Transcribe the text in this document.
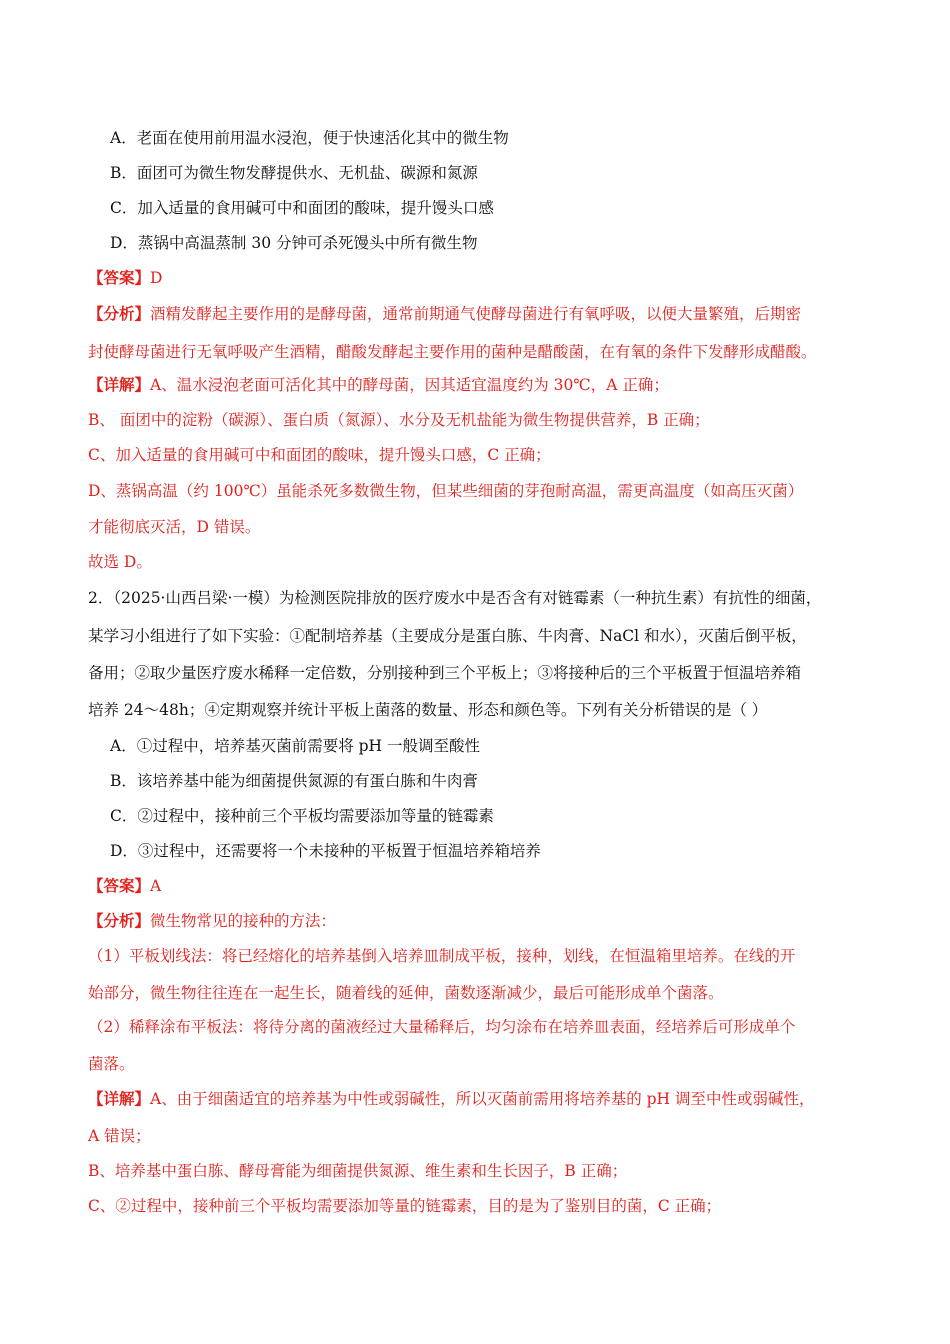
A．老面在使用前用温水浸泡，便于快速活化其中的微生物
B．面团可为微生物发酵提供水、无机盐、碳源和氮源
C．加入适量的食用碱可中和面团的酸味，提升馒头口感
D．蒸锅中高温蒸制 30 分钟可杀死馒头中所有微生物
【答案】D
【分析】酒精发酵起主要作用的是酵母菌，通常前期通气使酵母菌进行有氧呼吸，以便大量繁殖，后期密
封使酵母菌进行无氧呼吸产生酒精，醋酸发酵起主要作用的菌种是醋酸菌，在有氧的条件下发酵形成醋酸。
【详解】A、温水浸泡老面可活化其中的酵母菌，因其适宜温度约为 30℃，A 正确；
B、 面团中的淀粉（碳源）、蛋白质（氮源）、水分及无机盐能为微生物提供营养，B 正确；
C、加入适量的食用碱可中和面团的酸味，提升馒头口感，C 正确；
D、蒸锅高温（约 100℃）虽能杀死多数微生物，但某些细菌的芽孢耐高温，需更高温度（如高压灭菌）
才能彻底灭活，D 错误。
故选 D。
2．（2025·山西吕梁·一模）为检测医院排放的医疗废水中是否含有对链霉素（一种抗生素）有抗性的细菌，
某学习小组进行了如下实验：①配制培养基（主要成分是蛋白胨、牛肉膏、NaCl 和水），灭菌后倒平板，
备用；②取少量医疗废水稀释一定倍数，分别接种到三个平板上；③将接种后的三个平板置于恒温培养箱
培养 24～48h；④定期观察并统计平板上菌落的数量、形态和颜色等。下列有关分析错误的是（ ）
A．①过程中，培养基灭菌前需要将 pH 一般调至酸性
B．该培养基中能为细菌提供氮源的有蛋白胨和牛肉膏
C．②过程中，接种前三个平板均需要添加等量的链霉素
D．③过程中，还需要将一个未接种的平板置于恒温培养箱培养
【答案】A
【分析】微生物常见的接种的方法：
（1）平板划线法：将已经熔化的培养基倒入培养皿制成平板，接种，划线，在恒温箱里培养。在线的开
始部分，微生物往往连在一起生长，随着线的延伸，菌数逐渐减少，最后可能形成单个菌落。
（2）稀释涂布平板法：将待分离的菌液经过大量稀释后，均匀涂布在培养皿表面，经培养后可形成单个
菌落。
【详解】A、由于细菌适宜的培养基为中性或弱碱性，所以灭菌前需用将培养基的 pH 调至中性或弱碱性，
A 错误；
B、培养基中蛋白胨、酵母膏能为细菌提供氮源、维生素和生长因子，B 正确；
C、②过程中，接种前三个平板均需要添加等量的链霉素，目的是为了鉴别目的菌，C 正确；
